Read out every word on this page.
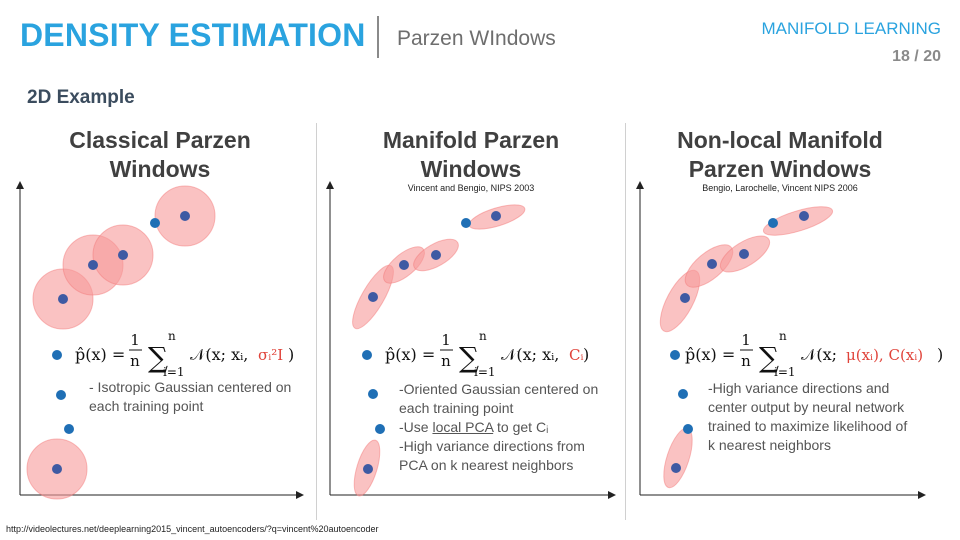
DENSITY ESTIMATION Parzen WIndows	MANIFOLD LEARNING
18 / 20
2D Example
Classical Parzen
Windows
Manifold Parzen
Windows
Vincent and Bengio, NIPS 2003
Non-local Manifold
Parzen Windows
Bengio, Larochelle, Vincent NIPS 2006
p̂(x) =
1
n
n
∑
i=1
𝒩(x; xᵢ, σᵢ²I )	p̂(x) =
1
n
n
∑
i=1
𝒩(x; xᵢ, Cᵢ )	p̂(x) =
1
n
n
∑
i=1
𝒩(x; μ(xᵢ), C(xᵢ) )
- Isotropic Gaussian centered on
each training point
-Oriented Gaussian centered on
each training point
-Use local PCA to get Cᵢ
-High variance directions from
PCA on k nearest neighbors
-High variance directions and
center output by neural network
trained to maximize likelihood of
k nearest neighbors
http://videolectures.net/deeplearning2015_vincent_autoencoders/?q=vincent%20autoencoder
